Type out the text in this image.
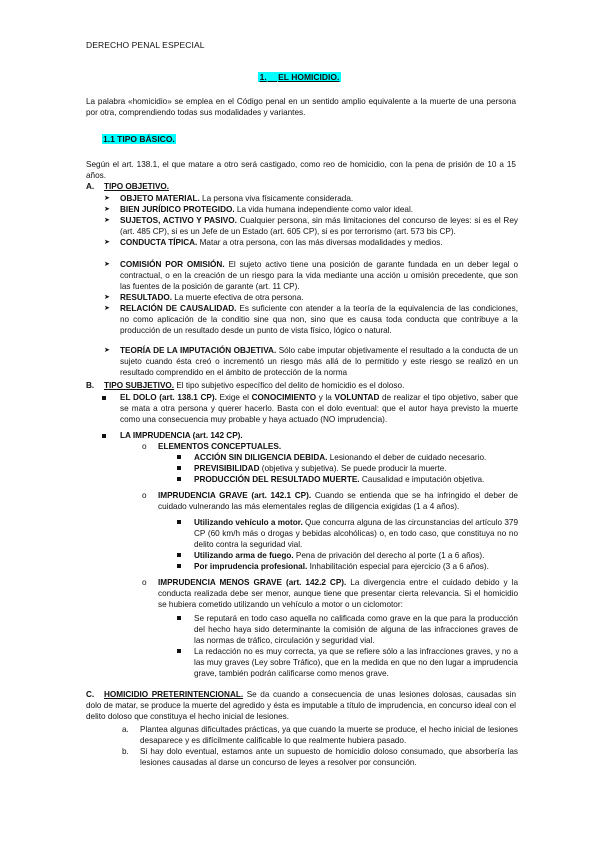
DERECHO PENAL ESPECIAL
1. EL HOMICIDIO.
La palabra «homicidio» se emplea en el Código penal en un sentido amplio equivalente a la muerte de una persona por otra, comprendiendo todas sus modalidades y variantes.
1.1 TIPO BÁSICO.
Según el art. 138.1, el que matare a otro será castigado, como reo de homicidio, con la pena de prisión de 10 a 15 años.
A. TIPO OBJETIVO.
➤ OBJETO MATERIAL. La persona viva físicamente considerada.
➤ BIEN JURÍDICO PROTEGIDO. La vida humana independiente como valor ideal.
➤ SUJETOS, ACTIVO Y PASIVO. Cualquier persona, sin más limitaciones del concurso de leyes: si es el Rey (art. 485 CP), si es un Jefe de un Estado (art. 605 CP), si es por terrorismo (art. 573 bis CP).
➤ CONDUCTA TÍPICA. Matar a otra persona, con las más diversas modalidades y medios.
➤ COMISIÓN POR OMISIÓN. El sujeto activo tiene una posición de garante fundada en un deber legal o contractual, o en la creación de un riesgo para la vida mediante una acción u omisión precedente, que son las fuentes de la posición de garante (art. 11 CP).
➤ RESULTADO. La muerte efectiva de otra persona.
➤ RELACIÓN DE CAUSALIDAD. Es suficiente con atender a la teoría de la equivalencia de las condiciones, no como aplicación de la conditio sine qua non, sino que es causa toda conducta que contribuye a la producción de un resultado desde un punto de vista físico, lógico o natural.
➤ TEORÍA DE LA IMPUTACIÓN OBJETIVA. Sólo cabe imputar objetivamente el resultado a la conducta de un sujeto cuando ésta creó o incrementó un riesgo más allá de lo permitido y este riesgo se realizó en un resultado comprendido en el ámbito de protección de la norma
B. TIPO SUBJETIVO. El tipo subjetivo específico del delito de homicidio es el doloso.
EL DOLO (art. 138.1 CP). Exige el CONOCIMIENTO y la VOLUNTAD de realizar el tipo objetivo, saber que se mata a otra persona y querer hacerlo. Basta con el dolo eventual: que el autor haya previsto la muerte como una consecuencia muy probable y haya actuado (NO imprudencia).
LA IMPRUDENCIA (art. 142 CP).
o ELEMENTOS CONCEPTUALES.
ACCIÓN SIN DILIGENCIA DEBIDA. Lesionando el deber de cuidado necesario.
PREVISIBILIDAD (objetiva y subjetiva). Se puede producir la muerte.
PRODUCCIÓN DEL RESULTADO MUERTE. Causalidad e imputación objetiva.
o IMPRUDENCIA GRAVE (art. 142.1 CP). Cuando se entienda que se ha infringido el deber de cuidado vulnerando las más elementales reglas de diligencia exigidas (1 a 4 años).
Utilizando vehículo a motor. Que concurra alguna de las circunstancias del artículo 379 CP (60 km/h más o drogas y bebidas alcohólicas) o, en todo caso, que constituya no no delito contra la seguridad vial.
Utilizando arma de fuego. Pena de privación del derecho al porte (1 a 6 años).
Por imprudencia profesional. Inhabilitación especial para ejercicio (3 a 6 años).
o IMPRUDENCIA MENOS GRAVE (art. 142.2 CP). La divergencia entre el cuidado debido y la conducta realizada debe ser menor, aunque tiene que presentar cierta relevancia. Si el homicidio se hubiera cometido utilizando un vehículo a motor o un ciclomotor:
Se reputará en todo caso aquella no calificada como grave en la que para la producción del hecho haya sido determinante la comisión de alguna de las infracciones graves de las normas de tráfico, circulación y seguridad vial.
La redacción no es muy correcta, ya que se refiere sólo a las infracciones graves, y no a las muy graves (Ley sobre Tráfico), que en la medida en que no den lugar a imprudencia grave, también podrán calificarse como menos grave.
C. HOMICIDIO PRETERINTENCIONAL. Se da cuando a consecuencia de unas lesiones dolosas, causadas sin dolo de matar, se produce la muerte del agredido y ésta es imputable a título de imprudencia, en concurso ideal con el delito doloso que constituya el hecho inicial de lesiones.
a. Plantea algunas dificultades prácticas, ya que cuando la muerte se produce, el hecho inicial de lesiones desaparece y es difícilmente calificable lo que realmente hubiera pasado.
b. Si hay dolo eventual, estamos ante un supuesto de homicidio doloso consumado, que absorbería las lesiones causadas al darse un concurso de leyes a resolver por consunción.
